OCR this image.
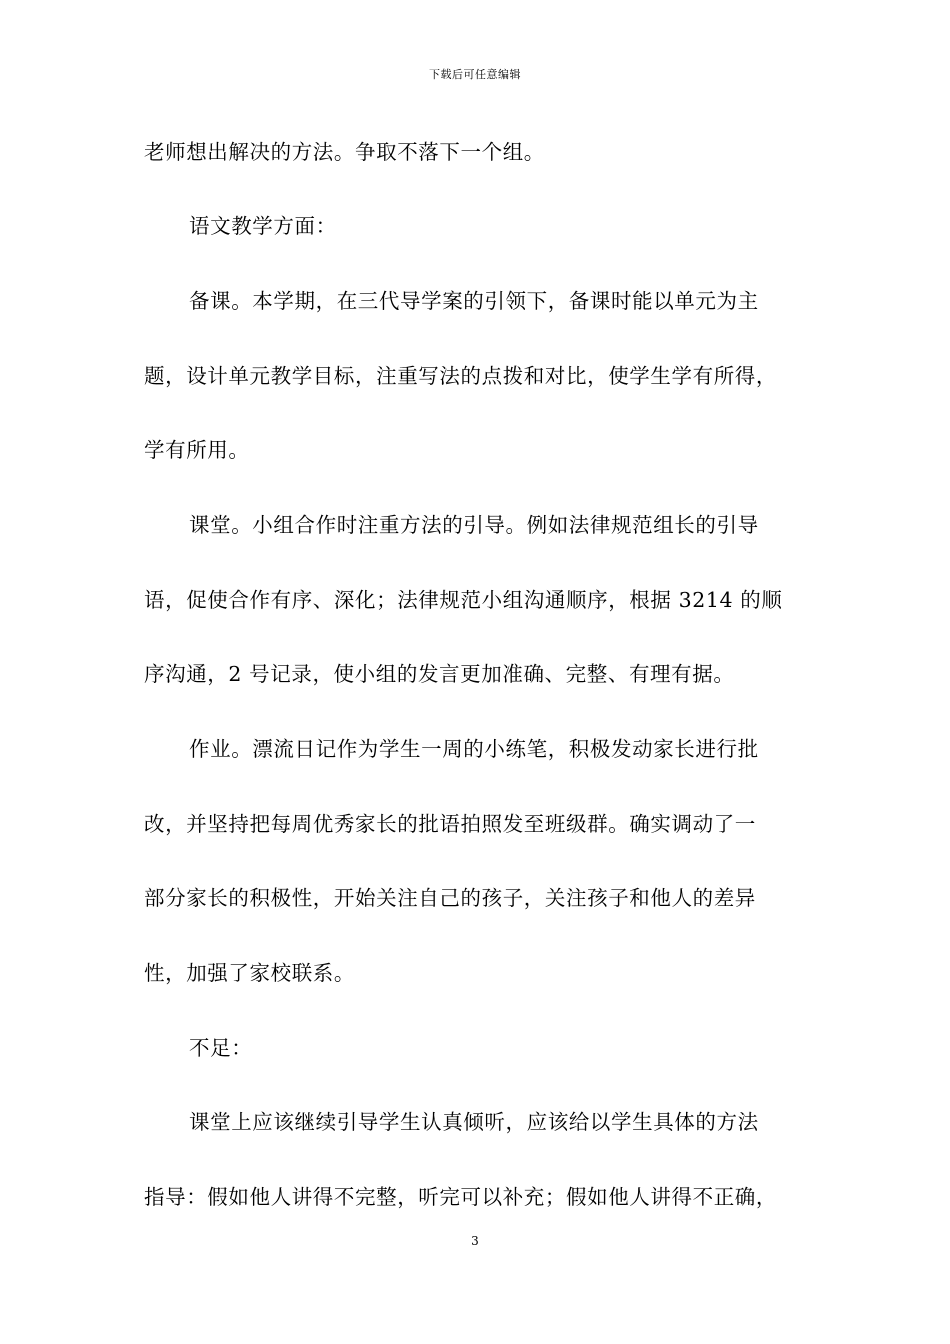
下载后可任意编辑
老师想出解决的方法。争取不落下一个组。
语文教学方面：
备课。本学期，在三代导学案的引领下，备课时能以单元为主
题，设计单元教学目标，注重写法的点拨和对比，使学生学有所得，
学有所用。
课堂。小组合作时注重方法的引导。例如法律规范组长的引导
语，促使合作有序、深化；法律规范小组沟通顺序，根据 3214 的顺
序沟通，2 号记录，使小组的发言更加准确、完整、有理有据。
作业。漂流日记作为学生一周的小练笔，积极发动家长进行批
改，并坚持把每周优秀家长的批语拍照发至班级群。确实调动了一
部分家长的积极性，开始关注自己的孩子，关注孩子和他人的差异
性，加强了家校联系。
不足：
课堂上应该继续引导学生认真倾听，应该给以学生具体的方法
指导：假如他人讲得不完整，听完可以补充；假如他人讲得不正确，
3
